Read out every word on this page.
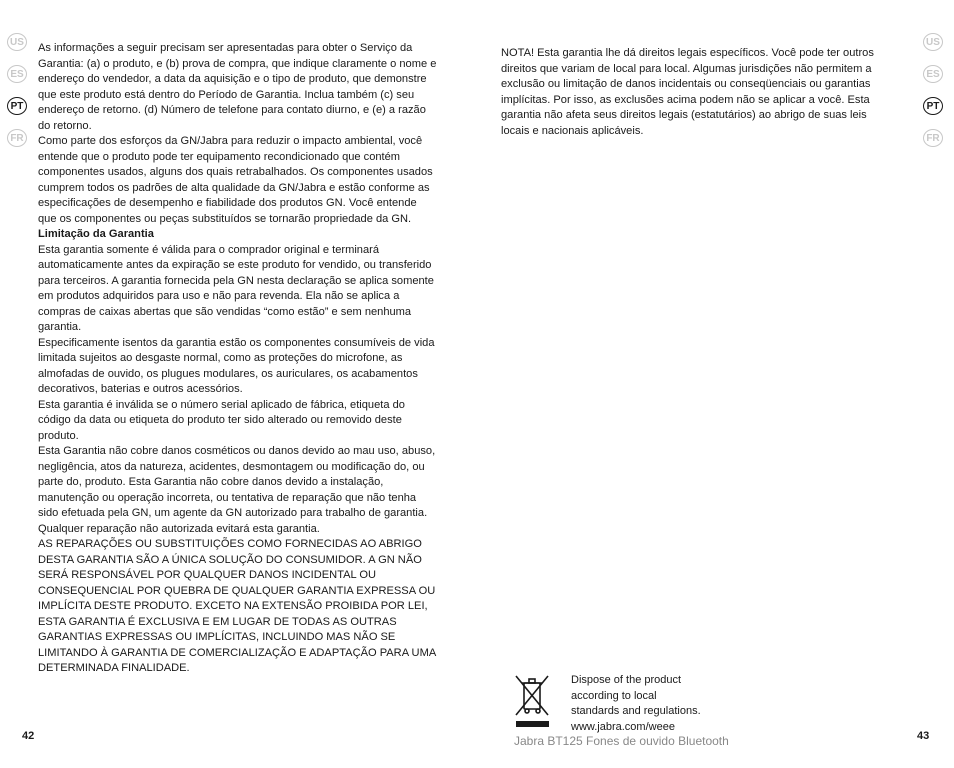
US
ES
PT
FR
US
ES
PT
FR

As informações a seguir precisam ser apresentadas para obter o Serviço da Garantia: (a) o produto, e (b) prova de compra, que indique claramente o nome e endereço do vendedor, a data da aquisição e o tipo de produto, que demonstre que este produto está dentro do Período de Garantia. Inclua também (c) seu endereço de retorno. (d) Número de telefone para contato diurno, e (e) a razão do retorno.

Como parte dos esforços da GN/Jabra para reduzir o impacto ambiental, você entende que o produto pode ter equipamento recondicionado que contém componentes usados, alguns dos quais retrabalhados. Os componentes usados cumprem todos os padrões de alta qualidade da GN/Jabra e estão conforme as especificações de desempenho e fiabilidade dos produtos GN. Você entende que os componentes ou peças substituídos se tornarão propriedade da GN.

Limitação da Garantia

Esta garantia somente é válida para o comprador original e terminará automaticamente antes da expiração se este produto for vendido, ou transferido para terceiros. A garantia fornecida pela GN nesta declaração se aplica somente em produtos adquiridos para uso e não para revenda. Ela não se aplica a compras de caixas abertas que são vendidas “como estão” e sem nenhuma garantia.

Especificamente isentos da garantia estão os componentes consumíveis de vida limitada sujeitos ao desgaste normal, como as proteções do microfone, as almofadas de ouvido, os plugues modulares, os auriculares, os acabamentos decorativos, baterias e outros acessórios.

Esta garantia é inválida se o número serial aplicado de fábrica, etiqueta do código da data ou etiqueta do produto ter sido alterado ou removido deste produto.

Esta Garantia não cobre danos cosméticos ou danos devido ao mau uso, abuso, negligência, atos da natureza, acidentes, desmontagem ou modificação do, ou parte do, produto. Esta Garantia não cobre danos devido a instalação, manutenção ou operação incorreta, ou tentativa de reparação que não tenha sido efetuada pela GN, um agente da GN autorizado para trabalho de garantia. Qualquer reparação não autorizada evitará esta garantia.

AS REPARAÇÕES OU SUBSTITUIÇÕES COMO FORNECIDAS AO ABRIGO DESTA GARANTIA SÃO A ÚNICA SOLUÇÃO DO CONSUMIDOR. A GN NÃO SERÁ RESPONSÁVEL POR QUALQUER DANOS INCIDENTAL OU CONSEQUENCIAL POR QUEBRA DE QUALQUER GARANTIA EXPRESSA OU IMPLÍCITA DESTE PRODUTO. EXCETO NA EXTENSÃO PROIBIDA POR LEI, ESTA GARANTIA É EXCLUSIVA E EM LUGAR DE TODAS AS OUTRAS GARANTIAS EXPRESSAS OU IMPLÍCITAS, INCLUINDO MAS NÃO SE LIMITANDO À GARANTIA DE COMERCIALIZAÇÃO E ADAPTAÇÃO PARA UMA DETERMINADA FINALIDADE.

NOTA! Esta garantia lhe dá direitos legais específicos. Você pode ter outros direitos que variam de local para local. Algumas jurisdições não permitem a exclusão ou limitação de danos incidentais ou conseqüenciais ou garantias implícitas. Por isso, as exclusões acima podem não se aplicar a você. Esta garantia não afeta seus direitos legais (estatutários) ao abrigo de suas leis locais e nacionais aplicáveis.

Dispose of the product
according to local
standards and regulations.
www.jabra.com/weee
Jabra BT125 Fones de ouvido Bluetooth
42	43
